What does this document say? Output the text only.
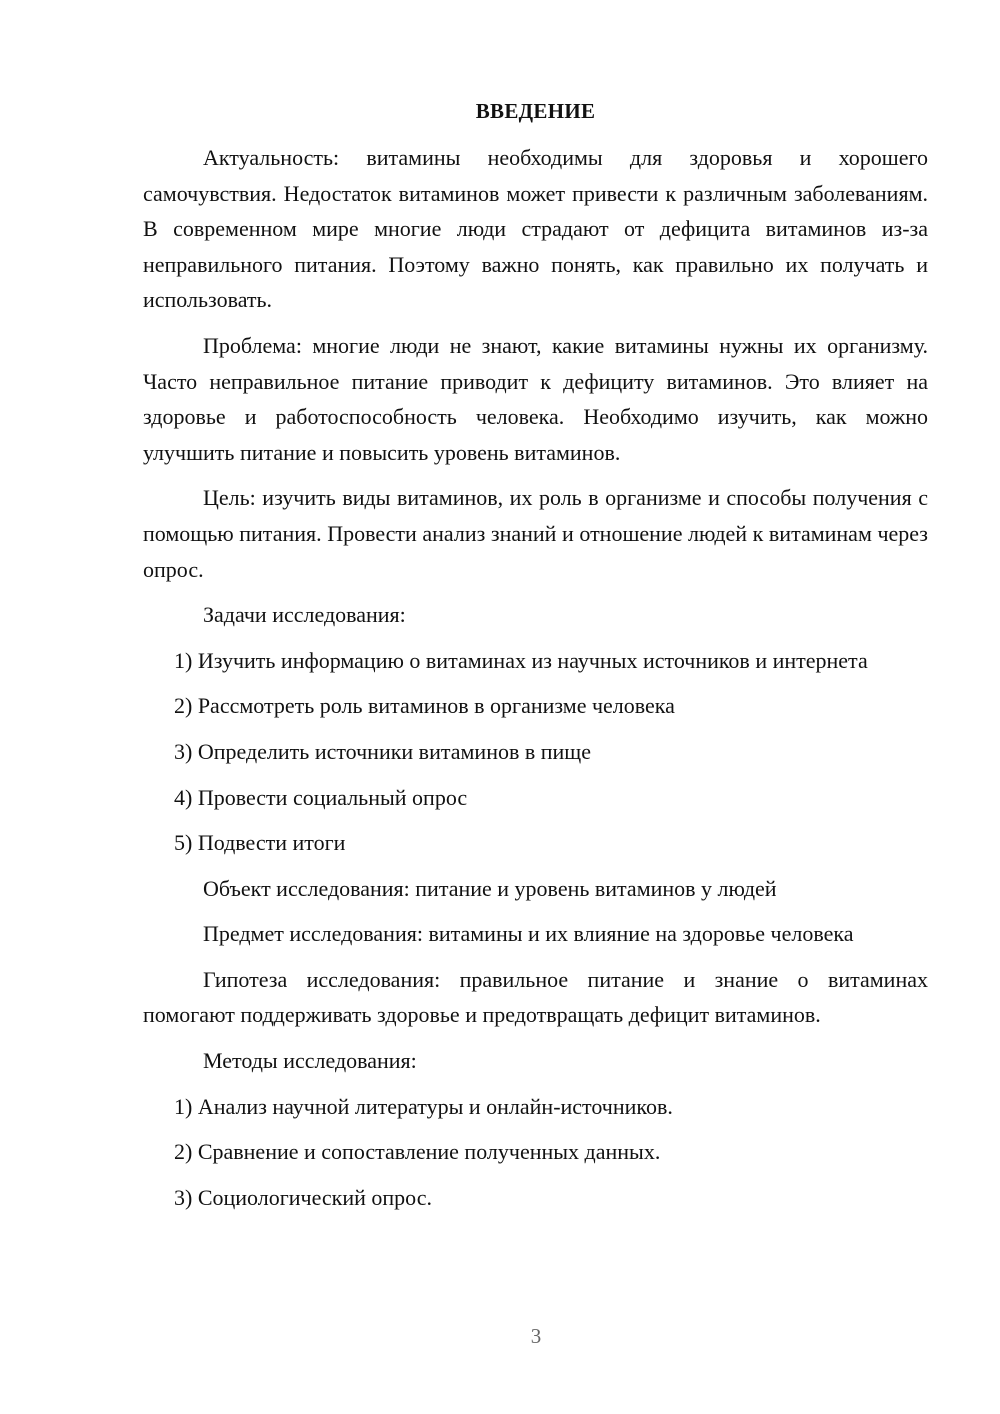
ВВЕДЕНИЕ

Актуальность: витамины необходимы для здоровья и хорошего самочувствия. Недостаток витаминов может привести к различным заболеваниям. В современном мире многие люди страдают от дефицита витаминов из-за неправильного питания. Поэтому важно понять, как правильно их получать и использовать.

Проблема: многие люди не знают, какие витамины нужны их организму. Часто неправильное питание приводит к дефициту витаминов. Это влияет на здоровье и работоспособность человека. Необходимо изучить, как можно улучшить питание и повысить уровень витаминов.

Цель: изучить виды витаминов, их роль в организме и способы получения с помощью питания. Провести анализ знаний и отношение людей к витаминам через опрос.

Задачи исследования:

1) Изучить информацию о витаминах из научных источников и интернета

2) Рассмотреть роль витаминов в организме человека

3) Определить источники витаминов в пище

4) Провести социальный опрос

5) Подвести итоги

Объект исследования: питание и уровень витаминов у людей

Предмет исследования: витамины и их влияние на здоровье человека

Гипотеза исследования: правильное питание и знание о витаминах помогают поддерживать здоровье и предотвращать дефицит витаминов.

Методы исследования:

1) Анализ научной литературы и онлайн-источников.

2) Сравнение и сопоставление полученных данных.

3) Социологический опрос.

3
